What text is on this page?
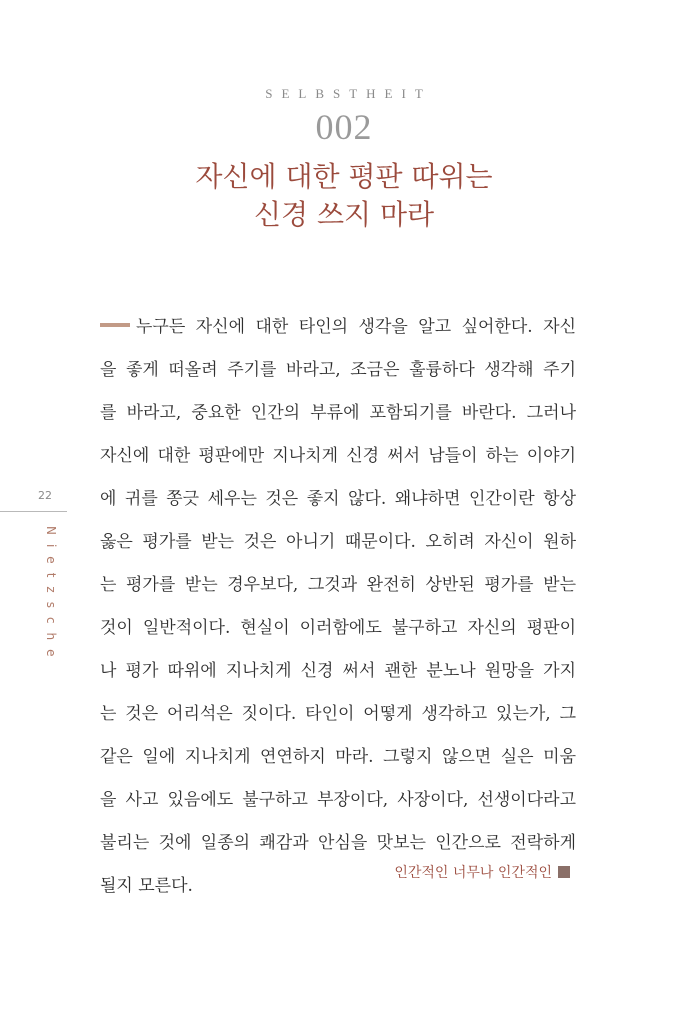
SELBSTHEIT
002
자신에 대한 평판 따위는
신경 쓰지 마라
누구든 자신에 대한 타인의 생각을 알고 싶어한다. 자신
을 좋게 떠올려 주기를 바라고, 조금은 훌륭하다 생각해 주기
를 바라고, 중요한 인간의 부류에 포함되기를 바란다. 그러나
자신에 대한 평판에만 지나치게 신경 써서 남들이 하는 이야기
에 귀를 쫑긋 세우는 것은 좋지 않다. 왜냐하면 인간이란 항상
옳은 평가를 받는 것은 아니기 때문이다. 오히려 자신이 원하
는 평가를 받는 경우보다, 그것과 완전히 상반된 평가를 받는
것이 일반적이다. 현실이 이러함에도 불구하고 자신의 평판이
나 평가 따위에 지나치게 신경 써서 괜한 분노나 원망을 가지
는 것은 어리석은 짓이다. 타인이 어떻게 생각하고 있는가, 그
같은 일에 지나치게 연연하지 마라. 그렇지 않으면 실은 미움
을 사고 있음에도 불구하고 부장이다, 사장이다, 선생이다라고
불리는 것에 일종의 쾌감과 안심을 맛보는 인간으로 전락하게
될지 모른다.
인간적인 너무나 인간적인
22
Nietzsche
